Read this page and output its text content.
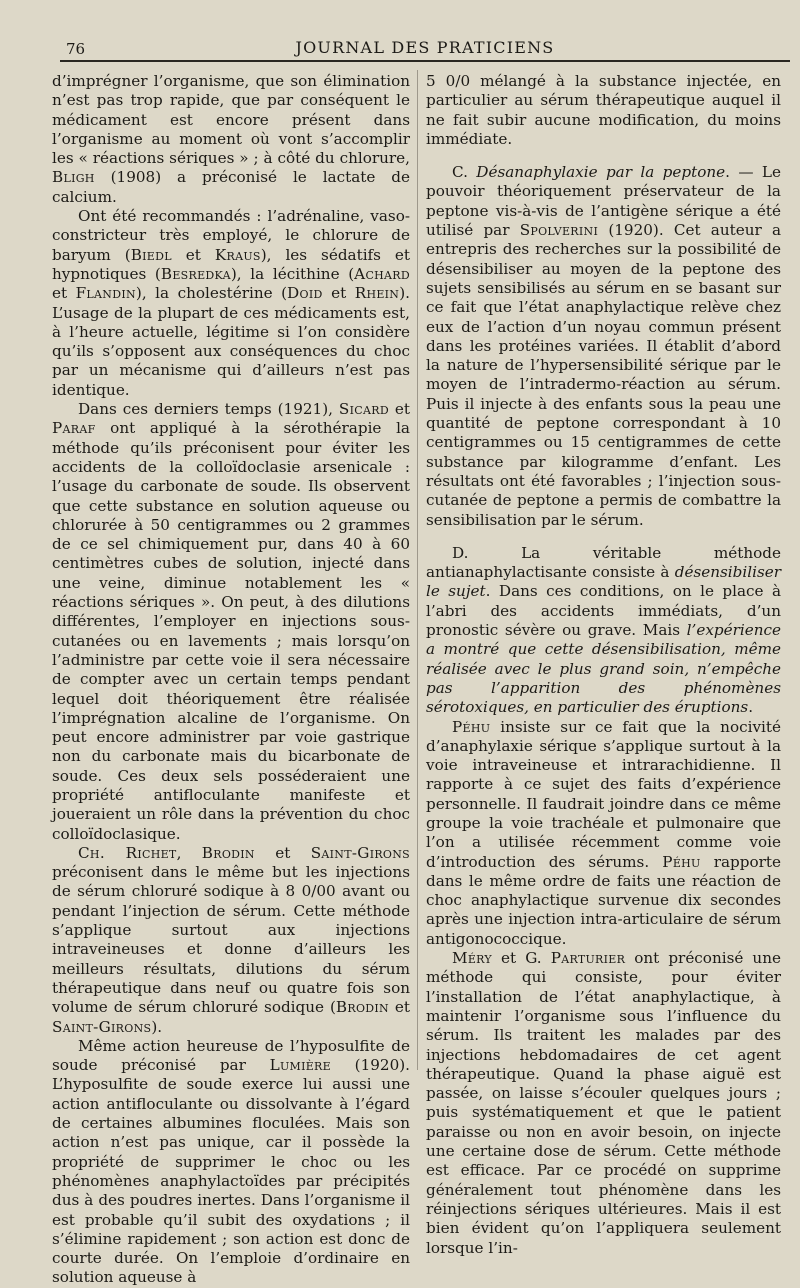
76	JOURNAL DES PRATICIENS

d’imprégner l’organisme, que son élimination n’est pas trop rapide, que par conséquent le médicament est encore présent dans l’organisme au moment où vont s’accomplir les « réactions sériques » ; à côté du chlorure, Bligh (1908) a préconisé le lactate de calcium.

Ont été recommandés : l’adrénaline, vaso-constricteur très employé, le chlorure de baryum (Biedl et Kraus), les sédatifs et hypnotiques (Besredka), la lécithine (Achard et Flandin), la cholestérine (Doid et Rhein). L’usage de la plupart de ces médicaments est, à l’heure actuelle, légitime si l’on considère qu’ils s’opposent aux conséquences du choc par un mécanisme qui d’ailleurs n’est pas identique.

Dans ces derniers temps (1921), Sicard et Paraf ont appliqué à la sérothérapie la méthode qu’ils préconisent pour éviter les accidents de la colloïdoclasie arsenicale : l’usage du carbonate de soude. Ils observent que cette substance en solution aqueuse ou chlorurée à 50 centigrammes ou 2 grammes de ce sel chimiquement pur, dans 40 à 60 centimètres cubes de solution, injecté dans une veine, diminue notablement les « réactions sériques ». On peut, à des dilutions différentes, l’employer en injections sous-cutanées ou en lavements ; mais lorsqu’on l’administre par cette voie il sera nécessaire de compter avec un certain temps pendant lequel doit théoriquement être réalisée l’imprégnation alcaline de l’organisme. On peut encore administrer par voie gastrique non du carbonate mais du bicarbonate de soude. Ces deux sels posséderaient une propriété antifloculante manifeste et joueraient un rôle dans la prévention du choc colloïdoclasique.

Ch. Richet, Brodin et Saint-Girons préconisent dans le même but les injections de sérum chloruré sodique à 8 0/00 avant ou pendant l’injection de sérum. Cette méthode s’applique surtout aux injections intraveineuses et donne d’ailleurs les meilleurs résultats, dilutions du sérum thérapeutique dans neuf ou quatre fois son volume de sérum chloruré sodique (Brodin et Saint-Girons).

Même action heureuse de l’hyposulfite de soude préconisé par Lumière (1920). L’hyposulfite de soude exerce lui aussi une action antifloculante ou dissolvante à l’égard de certaines albumines floculées. Mais son action n’est pas unique, car il possède la propriété de supprimer le choc ou les phénomènes anaphylactoïdes par précipités dus à des poudres inertes. Dans l’organisme il est probable qu’il subit des oxydations ; il s’élimine rapidement ; son action est donc de courte durée. On l’emploie d’ordinaire en solution aqueuse à

5 0/0 mélangé à la substance injectée, en particulier au sérum thérapeutique auquel il ne fait subir aucune modification, du moins immédiate.

C. Désanaphylaxie par la peptone. — Le pouvoir théoriquement préservateur de la peptone vis-à-vis de l’antigène sérique a été utilisé par Spolverini (1920). Cet auteur a entrepris des recherches sur la possibilité de désensibiliser au moyen de la peptone des sujets sensibilisés au sérum en se basant sur ce fait que l’état anaphylactique relève chez eux de l’action d’un noyau commun présent dans les protéines variées. Il établit d’abord la nature de l’hypersensibilité sérique par le moyen de l’intradermo-réaction au sérum. Puis il injecte à des enfants sous la peau une quantité de peptone correspondant à 10 centigrammes ou 15 centigrammes de cette substance par kilogramme d’enfant. Les résultats ont été favorables ; l’injection sous-cutanée de peptone a permis de combattre la sensibilisation par le sérum.

D. La véritable méthode antianaphylactisante consiste à désensibiliser le sujet. Dans ces conditions, on le place à l’abri des accidents immédiats, d’un pronostic sévère ou grave. Mais l’expérience a montré que cette désensibilisation, même réalisée avec le plus grand soin, n’empêche pas l’apparition des phénomènes sérotoxiques, en particulier des éruptions.

Péhu insiste sur ce fait que la nocivité d’anaphylaxie sérique s’applique surtout à la voie intraveineuse et intrarachidienne. Il rapporte à ce sujet des faits d’expérience personnelle. Il faudrait joindre dans ce même groupe la voie trachéale et pulmonaire que l’on a utilisée récemment comme voie d’introduction des sérums. Péhu rapporte dans le même ordre de faits une réaction de choc anaphylactique survenue dix secondes après une injection intra-articulaire de sérum antigonococcique.

Méry et G. Parturier ont préconisé une méthode qui consiste, pour éviter l’installation de l’état anaphylactique, à maintenir l’organisme sous l’influence du sérum. Ils traitent les malades par des injections hebdomadaires de cet agent thérapeutique. Quand la phase aiguë est passée, on laisse s’écouler quelques jours ; puis systématiquement et que le patient paraisse ou non en avoir besoin, on injecte une certaine dose de sérum. Cette méthode est efficace. Par ce procédé on supprime généralement tout phénomène dans les réinjections sériques ultérieures. Mais il est bien évident qu’on l’appliquera seulement lorsque l’in-
